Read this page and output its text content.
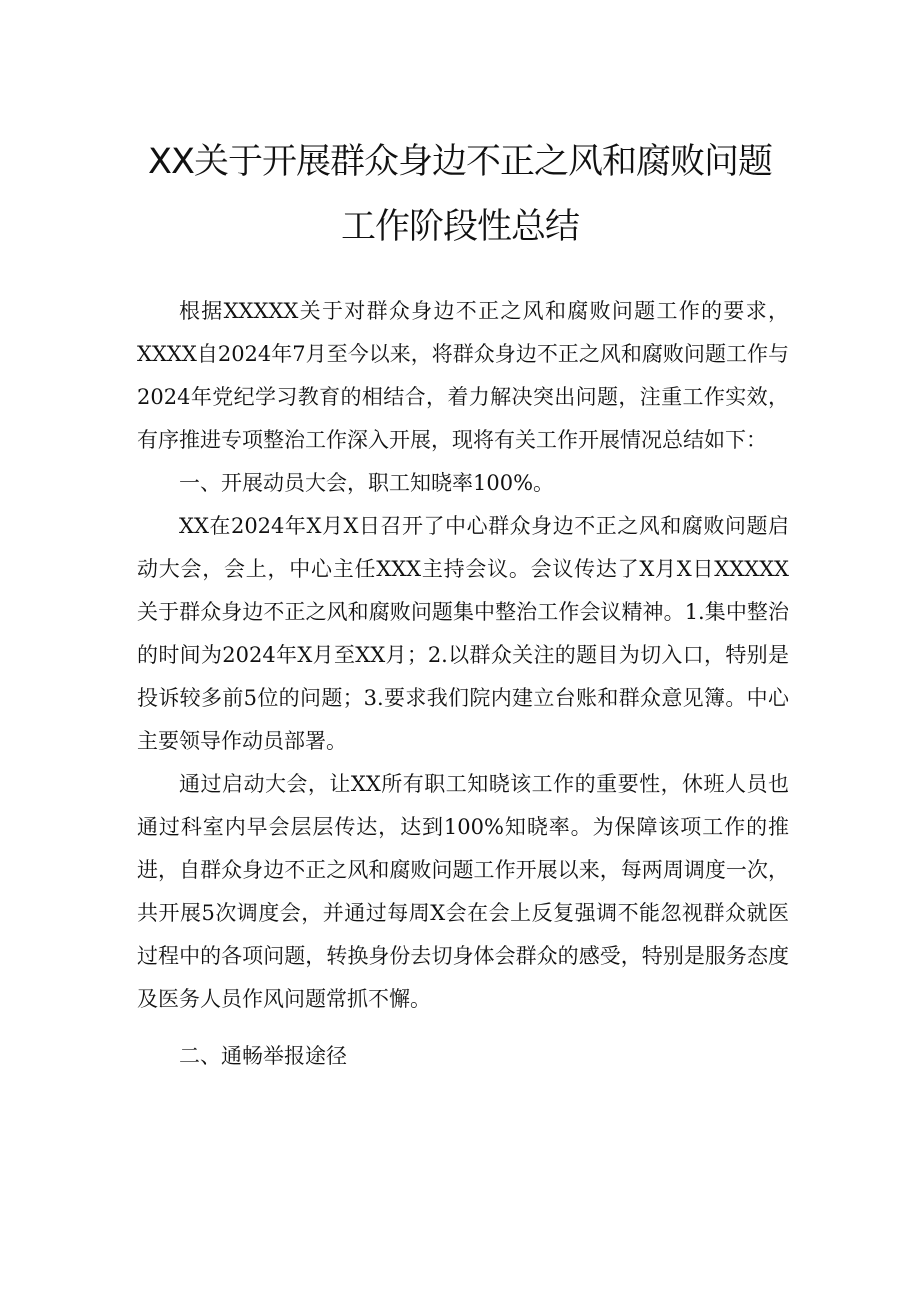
XX关于开展群众身边不正之风和腐败问题
工作阶段性总结

根据XXXXX关于对群众身边不正之风和腐败问题工作的要求，XXXX自2024年7月至今以来，将群众身边不正之风和腐败问题工作与2024年党纪学习教育的相结合，着力解决突出问题，注重工作实效，有序推进专项整治工作深入开展，现将有关工作开展情况总结如下：

一、开展动员大会，职工知晓率100%。

XX在2024年X月X日召开了中心群众身边不正之风和腐败问题启动大会，会上，中心主任XXX主持会议。会议传达了X月X日XXXXX关于群众身边不正之风和腐败问题集中整治工作会议精神。1.集中整治的时间为2024年X月至XX月；2.以群众关注的题目为切入口，特别是投诉较多前5位的问题；3.要求我们院内建立台账和群众意见簿。中心主要领导作动员部署。

通过启动大会，让XX所有职工知晓该工作的重要性，休班人员也通过科室内早会层层传达，达到100%知晓率。为保障该项工作的推进，自群众身边不正之风和腐败问题工作开展以来，每两周调度一次，共开展5次调度会，并通过每周X会在会上反复强调不能忽视群众就医过程中的各项问题，转换身份去切身体会群众的感受，特别是服务态度及医务人员作风问题常抓不懈。

二、通畅举报途径
